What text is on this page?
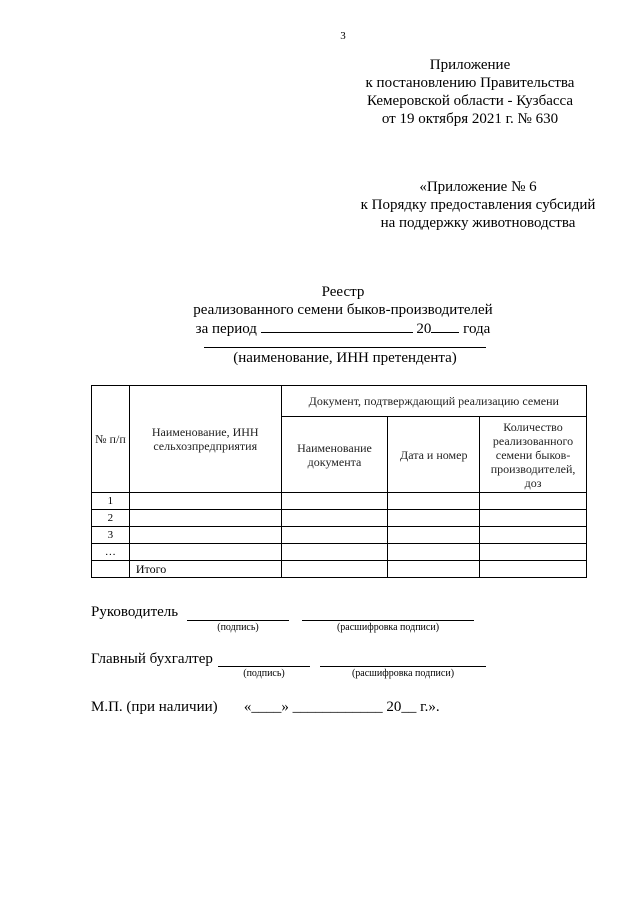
3
Приложение
к постановлению Правительства
Кемеровской области - Кузбасса
от 19 октября 2021 г. № 630
«Приложение № 6
к Порядку предоставления субсидий
на поддержку животноводства
Реестр
реализованного семени быков-производителей
за период	20 года
(наименование, ИНН претендента)
№ п/п	Наименование, ИНН сельхозпредприятия	Документ, подтверждающий реализацию семени		
		Наименование документа	Дата и номер	Количество реализованного семени быков-производителей, доз
1				
2				
3				
…				
	Итого			
Руководитель
(подпись)	(расшифровка подписи)
Главный бухгалтер
(подпись)	(расшифровка подписи)
М.П. (при наличии)       «____» ____________ 20__ г.».
